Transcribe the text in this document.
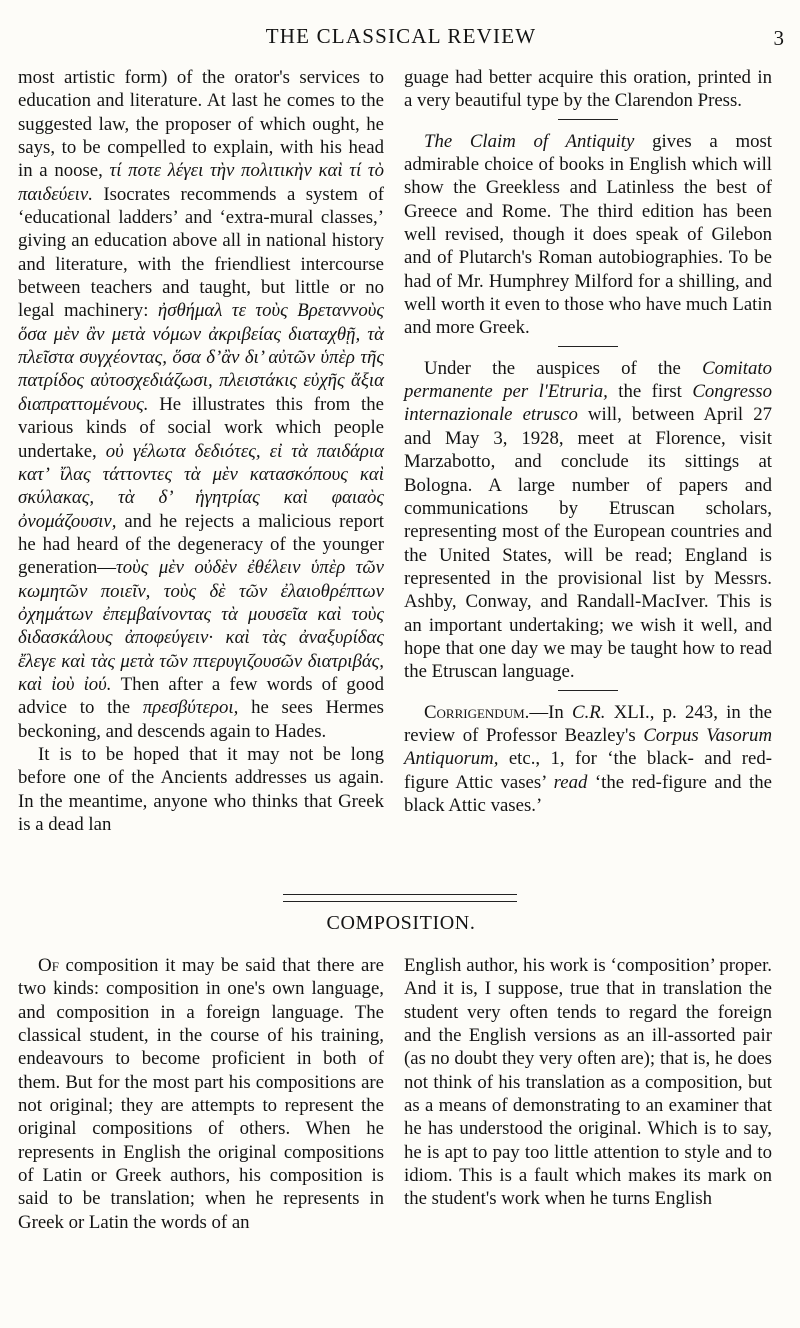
THE CLASSICAL REVIEW	3

most artistic form) of the orator's services to education and literature. At last he comes to the suggested law, the proposer of which ought, he says, to be compelled to explain, with his head in a noose, τί ποτε λέγει τὴν πολιτικὴν καὶ τί τὸ παιδεύειν. Isocrates recommends a system of ‘educational ladders’ and ‘extra-mural classes,’ giving an education above all in national history and literature, with the friendliest intercourse between teachers and taught, but little or no legal machinery: ἠσθήμαλ τε τοὺς Βρεταννοὺς ὅσα μὲν ἂν μετὰ νόμων ἀκριβείας διαταχθῇ, τὰ πλεῖστα συγχέοντας, ὅσα δ’ἂν δι’ αὐτῶν ὑπὲρ τῆς πατρίδος αὐτοσχεδιάζωσι, πλειστάκις εὐχῆς ἄξια διαπραττομένους. He illustrates this from the various kinds of social work which people undertake, οὐ γέλωτα δεδιότες, εἰ τὰ παιδάρια κατ’ ἴλας τάττοντες τὰ μὲν κατασκόπους καὶ σκύλακας, τὰ δ’ ἡγητρίας καὶ φαιαὸς ὀνομάζουσιν, and he rejects a malicious report he had heard of the degeneracy of the younger generation—τοὺς μὲν οὐδὲν ἐθέλειν ὑπὲρ τῶν κωμητῶν ποιεῖν, τοὺς δὲ τῶν ἐλαιοθρέπτων ὀχημάτων ἐπεμβαίνοντας τὰ μουσεῖα καὶ τοὺς διδασκάλους ἀποφεύγειν· καὶ τὰς ἀναξυρίδας ἔλεγε καὶ τὰς μετὰ τῶν πτερυγιζουσῶν διατριβάς, καὶ ἰοὺ ἰού. Then after a few words of good advice to the πρεσβύτεροι, he sees Hermes beckoning, and descends again to Hades.

It is to be hoped that it may not be long before one of the Ancients addresses us again. In the meantime, anyone who thinks that Greek is a dead lan

guage had better acquire this oration, printed in a very beautiful type by the Clarendon Press.

The Claim of Antiquity gives a most admirable choice of books in English which will show the Greekless and Latinless the best of Greece and Rome. The third edition has been well revised, though it does speak of Gilebon and of Plutarch's Roman autobiographies. To be had of Mr. Humphrey Milford for a shilling, and well worth it even to those who have much Latin and more Greek.

Under the auspices of the Comitato permanente per l'Etruria, the first Congresso internazionale etrusco will, between April 27 and May 3, 1928, meet at Florence, visit Marzabotto, and conclude its sittings at Bologna. A large number of papers and communications by Etruscan scholars, representing most of the European countries and the United States, will be read; England is represented in the provisional list by Messrs. Ashby, Conway, and Randall-MacIver. This is an important undertaking; we wish it well, and hope that one day we may be taught how to read the Etruscan language.

Corrigendum.—In C.R. XLI., p. 243, in the review of Professor Beazley's Corpus Vasorum Antiquorum, etc., 1, for ‘the black- and red-figure Attic vases’ read ‘the red-figure and the black Attic vases.’

COMPOSITION.

Of composition it may be said that there are two kinds: composition in one's own language, and composition in a foreign language. The classical student, in the course of his training, endeavours to become proficient in both of them. But for the most part his compositions are not original; they are attempts to represent the original compositions of others. When he represents in English the original compositions of Latin or Greek authors, his composition is said to be translation; when he represents in Greek or Latin the words of an

English author, his work is ‘composition’ proper. And it is, I suppose, true that in translation the student very often tends to regard the foreign and the English versions as an ill-assorted pair (as no doubt they very often are); that is, he does not think of his translation as a composition, but as a means of demonstrating to an examiner that he has understood the original. Which is to say, he is apt to pay too little attention to style and to idiom. This is a fault which makes its mark on the student's work when he turns English
